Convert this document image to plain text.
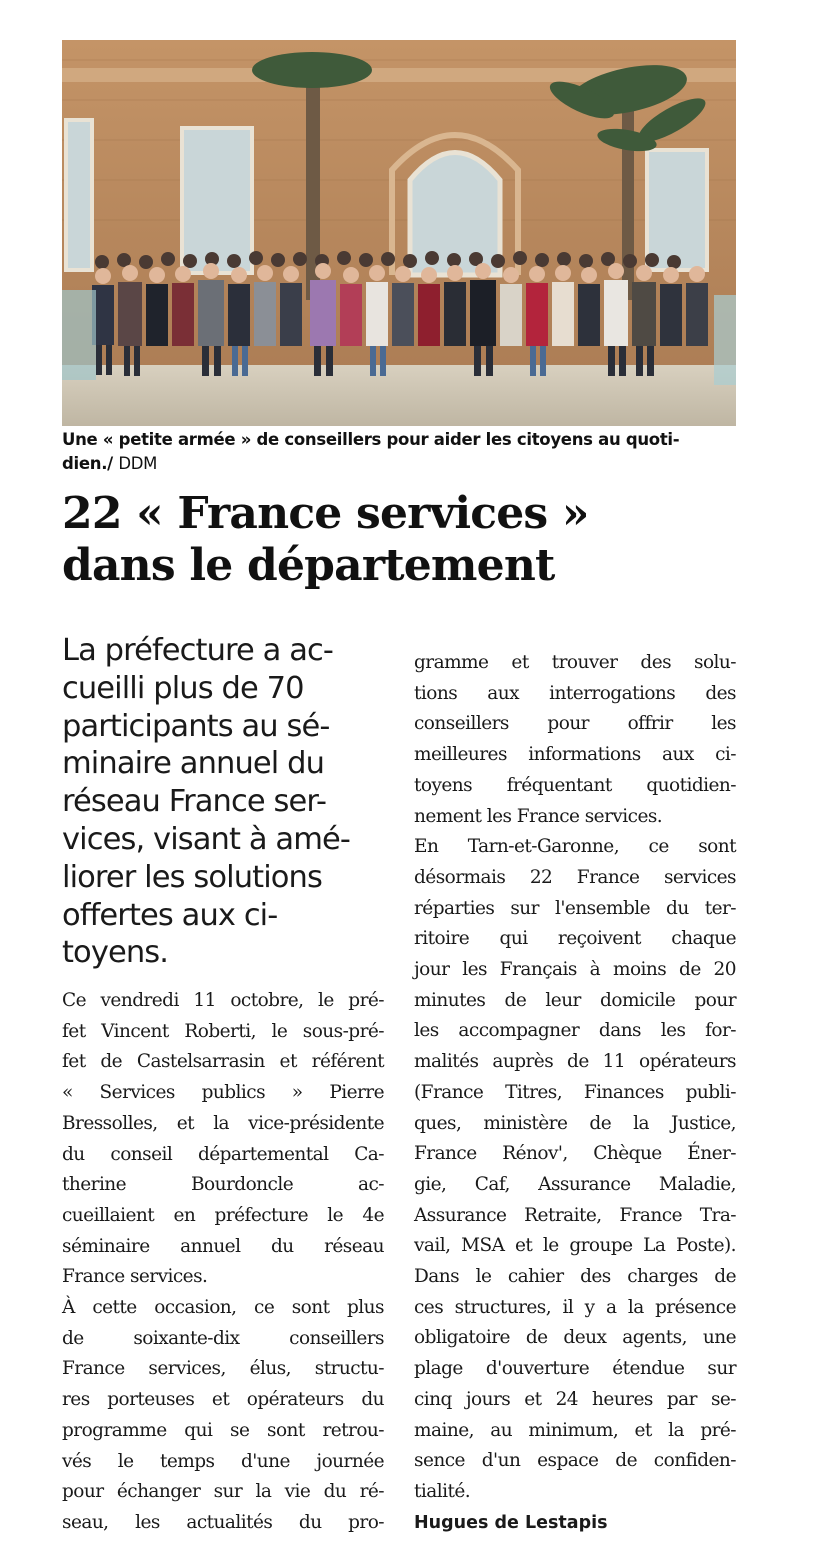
Une « petite armée » de conseillers pour aider les citoyens au quoti-
dien./ DDM
22 « France services »
dans le département
La préfecture a ac-
cueilli plus de 70
participants au sé-
minaire annuel du
réseau France ser-
vices, visant à amé-
liorer les solutions
offertes aux ci-
toyens.
Ce vendredi 11 octobre, le pré-
fet Vincent Roberti, le sous-pré-
fet de Castelsarrasin et référent
« Services publics » Pierre
Bressolles, et la vice-présidente
du conseil départemental Ca-
therine Bourdoncle ac-
cueillaient en préfecture le 4e
séminaire annuel du réseau
France services.
À cette occasion, ce sont plus
de soixante-dix conseillers
France services, élus, structu-
res porteuses et opérateurs du
programme qui se sont retrou-
vés le temps d'une journée
pour échanger sur la vie du ré-
seau, les actualités du pro-
gramme et trouver des solu-
tions aux interrogations des
conseillers pour offrir les
meilleures informations aux ci-
toyens fréquentant quotidien-
nement les France services.
En Tarn-et-Garonne, ce sont
désormais 22 France services
réparties sur l'ensemble du ter-
ritoire qui reçoivent chaque
jour les Français à moins de 20
minutes de leur domicile pour
les accompagner dans les for-
malités auprès de 11 opérateurs
(France Titres, Finances publi-
ques, ministère de la Justice,
France Rénov', Chèque Éner-
gie, Caf, Assurance Maladie,
Assurance Retraite, France Tra-
vail, MSA et le groupe La Poste).
Dans le cahier des charges de
ces structures, il y a la présence
obligatoire de deux agents, une
plage d'ouverture étendue sur
cinq jours et 24 heures par se-
maine, au minimum, et la pré-
sence d'un espace de confiden-
tialité.
Hugues de Lestapis
